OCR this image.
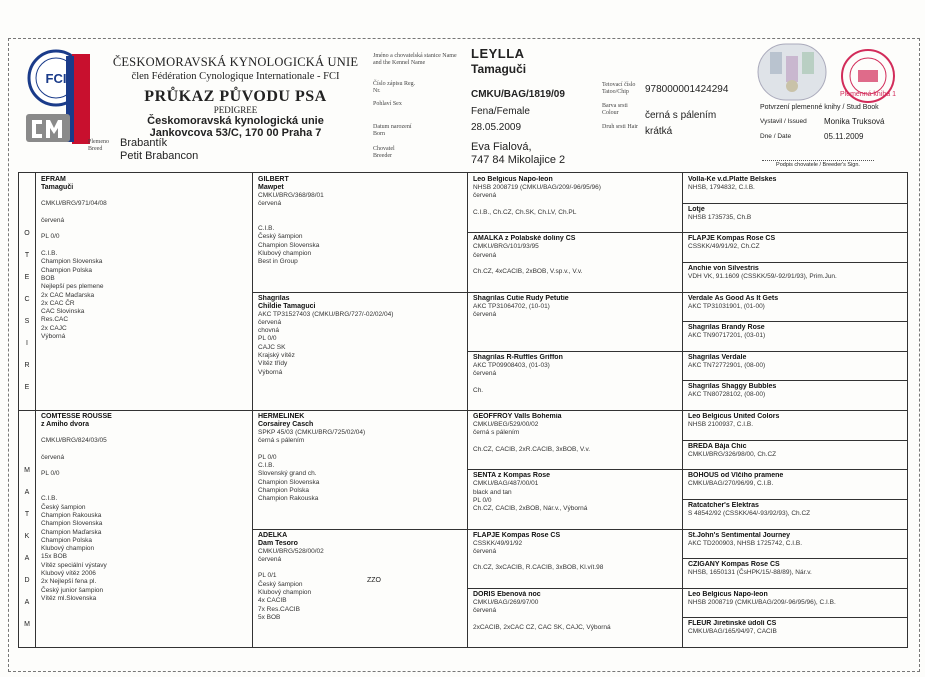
FCI
ČESKOMORAVSKÁ KYNOLOGICKÁ UNIE
člen Fédération Cynologique Internationale - FCI
PRŮKAZ PŮVODU PSA
PEDIGREE
Českomoravská kynologická unie
Jankovcova 53/C, 170 00 Praha 7
Plemeno Breed	Brabantík
Petit Brabancon
Jméno a chovatelská stanice Name and the Kennel Name
Číslo zápisu Reg. Nr.
Pohlaví Sex
Datum narození Born
Chovatel Breeder
LEYLLA
Tamaguči
CMKU/BAG/1819/09
Fena/Female
28.05.2009
Eva Fialová,
747 84 Mikolajice 2
Tetovací číslo Tatoo/Chip
Barva srsti Colour
Druh srsti Hair
978000001424294
černá s pálením
krátká
Plemenná kniha 1
Potvrzení plemenné knihy / Stud Book
Vystavil / Issued Monika Truksová
Dne / Date	05.11.2009
Podpis chovatele / Breeder's Sign.
O
T
E
C
S
I
R
E
M
A
T
K
A
D
A
M
EFRAM
Tamaguči

CMKU/BRG/971/04/08

červená

PL 0/0

C.I.B.
Champion Slovenska
Champion Polska
BOB
Nejlepší pes plemene
2x CAC Maďarska
2x CAC ČR
CAC Slovinska
Res.CAC
2x CAJC
Výborná
COMTESSE ROUSSE
z Amiho dvora

CMKU/BRG/824/03/05

červená

PL 0/0

C.I.B.
Český šampion
Champion Rakouska
Champion Slovenska
Champion Maďarska
Champion Polska
Klubový champion
15x BOB
Vítěz speciální výstavy
Klubový vítěz 2006
2x Nejlepší fena pl.
Český junior šampion
Vítěz ml.Slovenska
GILBERT
Mawpet
CMKU/BRG/368/98/01
červená

C.I.B.
Český šampion
Champion Slovenska
Klubový champion
Best in Group
Shagrilas
Childie Tamaguci
AKC TP31527403 (CMKU/BRG/727/-02/02/04)
červená
chovná
PL 0/0
CAJC SK
Krajský vítěz
Vítěz třídy
Výborná
HERMELÍNEK
Corsairey Casch
SPKP 45/03 (CMKU/BRG/725/02/04)
černá s pálením

PL 0/0
C.I.B.
Slovenský grand ch.
Champion Slovenska
Champion Polska
Champion Rakouska
ADÉLKA
Dam Tesoro
CMKU/BRG/528/00/02
červená

PL 0/1
Český šampion
Klubový champion
4x CACIB
7x Res.CACIB
5x BOB
ZZO
Leo Belgicus Napo-leon
NHSB 2008719 (CMKU/BAG/209/-96/95/96)
červená

C.I.B., Ch.CZ, Ch.SK, Ch.LV, Ch.PL
AMÁLKA z Polabské doliny CS
CMKU/BRG/101/93/95
červená

Ch.CZ, 4xCACIB, 2xBOB, V.sp.v., V.v.
Shagrilas Cutie Rudy Petutie
AKC TP31064702, (10-01)
červená
Shagrilas R-Ruffles Griffon
AKC TP09908403, (01-03)
červená

Ch.
GEOFFROY Valls Bohemia
CMKU/BEG/529/00/02
černá s pálením

Ch.CZ, CACIB, 2xR.CACIB, 3xBOB, V.v.
SENTA z Kompas Rose
CMKU/BAG/487/00/01
black and tan
PL 0/0
Ch.CZ, CACIB, 2xBOB, Nár.v., Výborná
FLAPJE Kompas Rose CS
CSSKK/49/91/92
červená

Ch.CZ, 3xCACIB, R.CACIB, 3xBOB, Kl.vít.98
DORIS Ebenová noc
CMKU/BAG/269/97/00
červená

2xCACIB, 2xCAC CZ, CAC SK, CAJC, Výborná
Volla-Ke v.d.Platte Belskes
NHSB, 1794832, C.I.B.
Lotje
NHSB 1735735, Ch.B
FLAPJE Kompas Rose CS
CSSKK/49/91/92, Ch.CZ
Anchie von Silvestris
VDH VK, 91.1609 (CSSKK/59/-92/91/93), Prim.Jun.
Verdale As Good As It Gets
AKC TP31031901, (01-00)
Shagrilas Brandy Rose
AKC TN90717201, (03-01)
Shagrilas Verdale
AKC TN72772901, (08-00)
Shagrilas Shaggy Bubbles
AKC TN80728102, (08-00)
Leo Belgicus United Colors
NHSB 2100937, C.I.B.
BREDA Bája Chic
CMKU/BRG/326/98/00, Ch.CZ
BOHOUŠ od Vlčího pramene
CMKU/BAG/270/96/99, C.I.B.
Ratcatcher's Elektras
S 48542/92 (CSSKK/64/-93/92/93), Ch.CZ
St.John's Sentimental Journey
AKC TD200903, NHSB 1725742, C.I.B.
CZIGANY Kompas Rose CS
NHSB, 1650131 (ČsHPK/15/-88/89), Nár.v.
Leo Belgicus Napo-leon
NHSB 2008719 (CMKU/BAG/209/-96/95/96), C.I.B.
FLEUR Jiretinské údolí CS
CMKU/BAG/165/94/97, CACIB
